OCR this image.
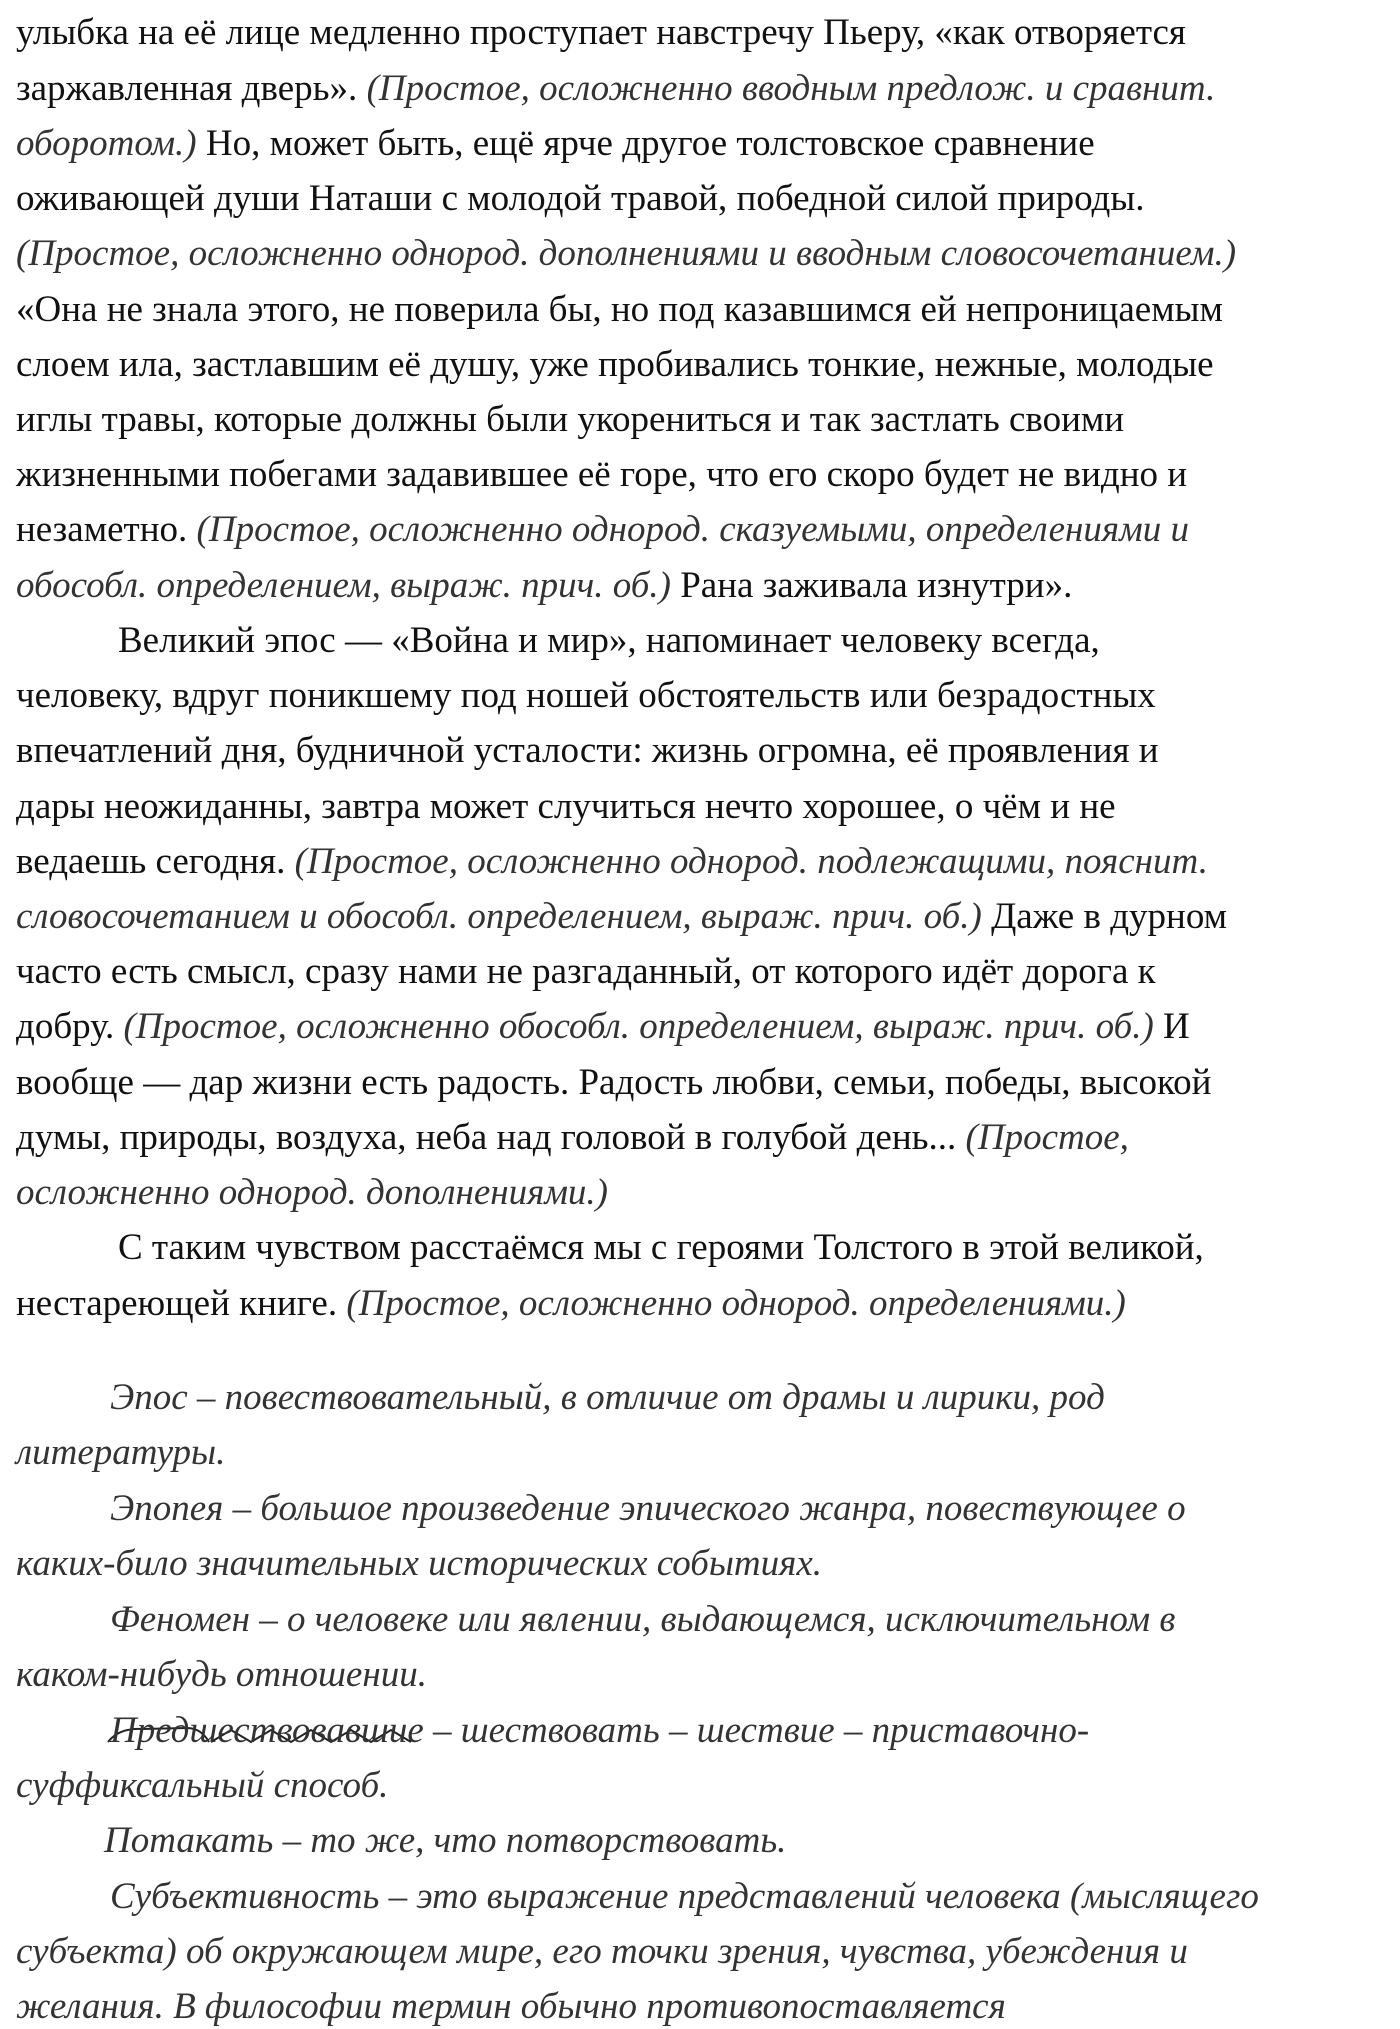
улыбка на её лице медленно проступает навстречу Пьеру, «как отворяется
заржавленная дверь». (Простое, осложненно вводным предлож. и сравнит.
оборотом.) Но, может быть, ещё ярче другое толстовское сравнение
оживающей души Наташи с молодой травой, победной силой природы.
(Простое, осложненно однород. дополнениями и вводным словосочетанием.)
«Она не знала этого, не поверила бы, но под казавшимся ей непроницаемым
слоем ила, застлавшим её душу, уже пробивались тонкие, нежные, молодые
иглы травы, которые должны были укорениться и так застлать своими
жизненными побегами задавившее её горе, что его скоро будет не видно и
незаметно. (Простое, осложненно однород. сказуемыми, определениями и
обособл. определением, выраж. прич. об.) Рана заживала изнутри».
Великий эпос — «Война и мир», напоминает человеку всегда,
человеку, вдруг поникшему под ношей обстоятельств или безрадостных
впечатлений дня, будничной усталости: жизнь огромна, её проявления и
дары неожиданны, завтра может случиться нечто хорошее, о чём и не
ведаешь сегодня. (Простое, осложненно однород. подлежащими, пояснит.
словосочетанием и обособл. определением, выраж. прич. об.) Даже в дурном
часто есть смысл, сразу нами не разгаданный, от которого идёт дорога к
добру. (Простое, осложненно обособл. определением, выраж. прич. об.) И
вообще — дар жизни есть радость. Радость любви, семьи, победы, высокой
думы, природы, воздуха, неба над головой в голубой день... (Простое,
осложненно однород. дополнениями.)
С таким чувством расстаёмся мы с героями Толстого в этой великой,
нестареющей книге. (Простое, осложненно однород. определениями.)
Эпос – повествовательный, в отличие от драмы и лирики, род
литературы.
Эпопея – большое произведение эпического жанра, повествующее о
каких-било значительных исторических событиях.
Феномен – о человеке или явлении, выдающемся, исключительном в
каком-нибудь отношении.
Предшествовавшие – шествовать – шествие – приставочно-
суффиксальный способ.
Потакать – то же, что потворствовать.
Субъективность – это выражение представлений человека (мыслящего
субъекта) об окружающем мире, его точки зрения, чувства, убеждения и
желания. В философии термин обычно противопоставляется
